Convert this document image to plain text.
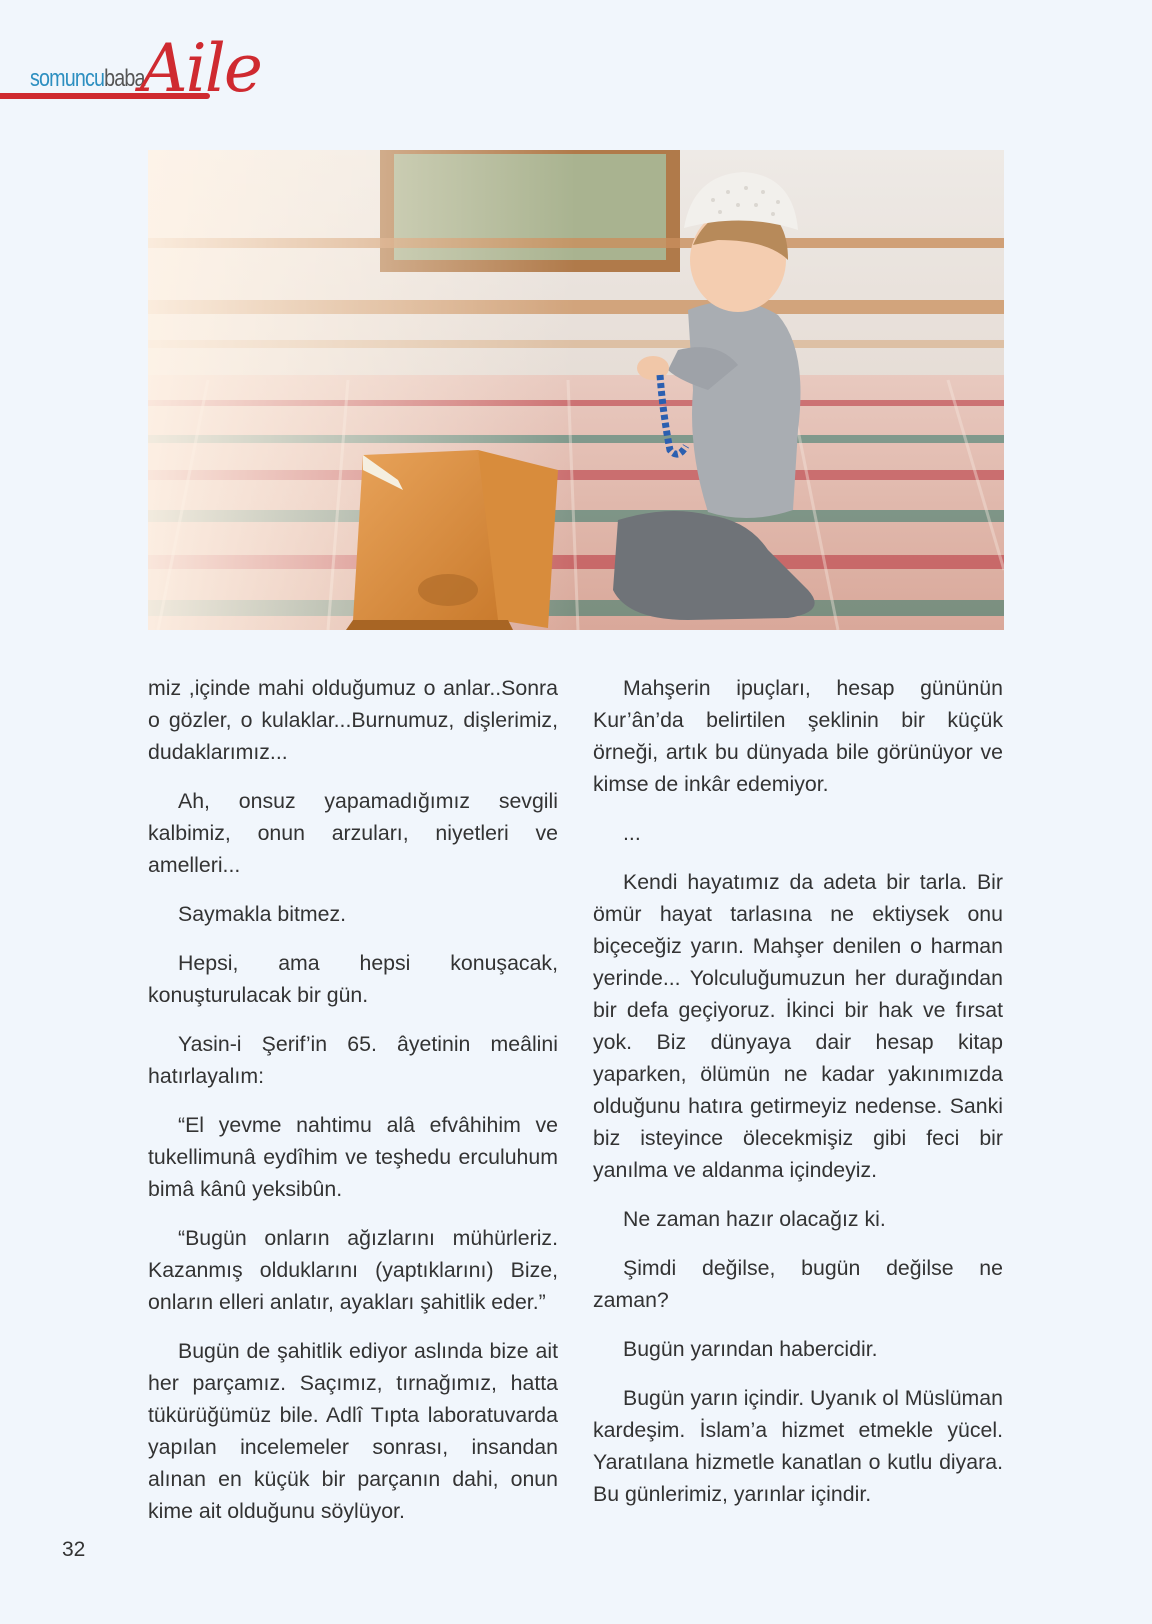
somuncubaba
Aile

miz ,içinde mahi olduğumuz o anlar..Sonra o gözler, o kulaklar...Burnumuz, dişlerimiz, dudaklarımız...

Ah, onsuz yapamadığımız sevgili kalbimiz, onun arzuları, niyetleri ve amelleri...

Saymakla bitmez.

Hepsi, ama hepsi konuşacak, konuşturulacak bir gün.

Yasin-i Şerif’in 65. âyetinin meâlini hatırlayalım:

“El yevme nahtimu alâ efvâhihim ve tukellimunâ eydîhim ve teşhedu erculuhum bimâ kânû yeksibûn.

“Bugün onların ağızlarını mühürleriz. Kazanmış olduklarını (yaptıklarını) Bize, onların elleri anlatır, ayakları şahitlik eder.”

Bugün de şahitlik ediyor aslında bize ait her parçamız. Saçımız, tırnağımız, hatta tükürüğümüz bile. Adlî Tıpta laboratuvarda yapılan incelemeler sonrası, insandan alınan en küçük bir parçanın dahi, onun kime ait olduğunu söylüyor.

Mahşerin ipuçları, hesap gününün Kur’ân’da belirtilen şeklinin bir küçük örneği, artık bu dünyada bile görünüyor ve kimse de inkâr edemiyor.

...

Kendi hayatımız da adeta bir tarla. Bir ömür hayat tarlasına ne ektiysek onu biçeceğiz yarın. Mahşer denilen o harman yerinde... Yolculuğumuzun her durağından bir defa geçiyoruz. İkinci bir hak ve fırsat yok. Biz dünyaya dair hesap kitap yaparken, ölümün ne kadar yakınımızda olduğunu hatıra getirmeyiz nedense. Sanki biz isteyince ölecekmişiz gibi feci bir yanılma ve aldanma içindeyiz.

Ne zaman hazır olacağız ki.

Şimdi değilse, bugün değilse ne zaman?

Bugün yarından habercidir.

Bugün yarın içindir. Uyanık ol Müslüman kardeşim. İslam’a hizmet etmekle yücel. Yaratılana hizmetle kanatlan o kutlu diyara. Bu günlerimiz, yarınlar içindir.

32
